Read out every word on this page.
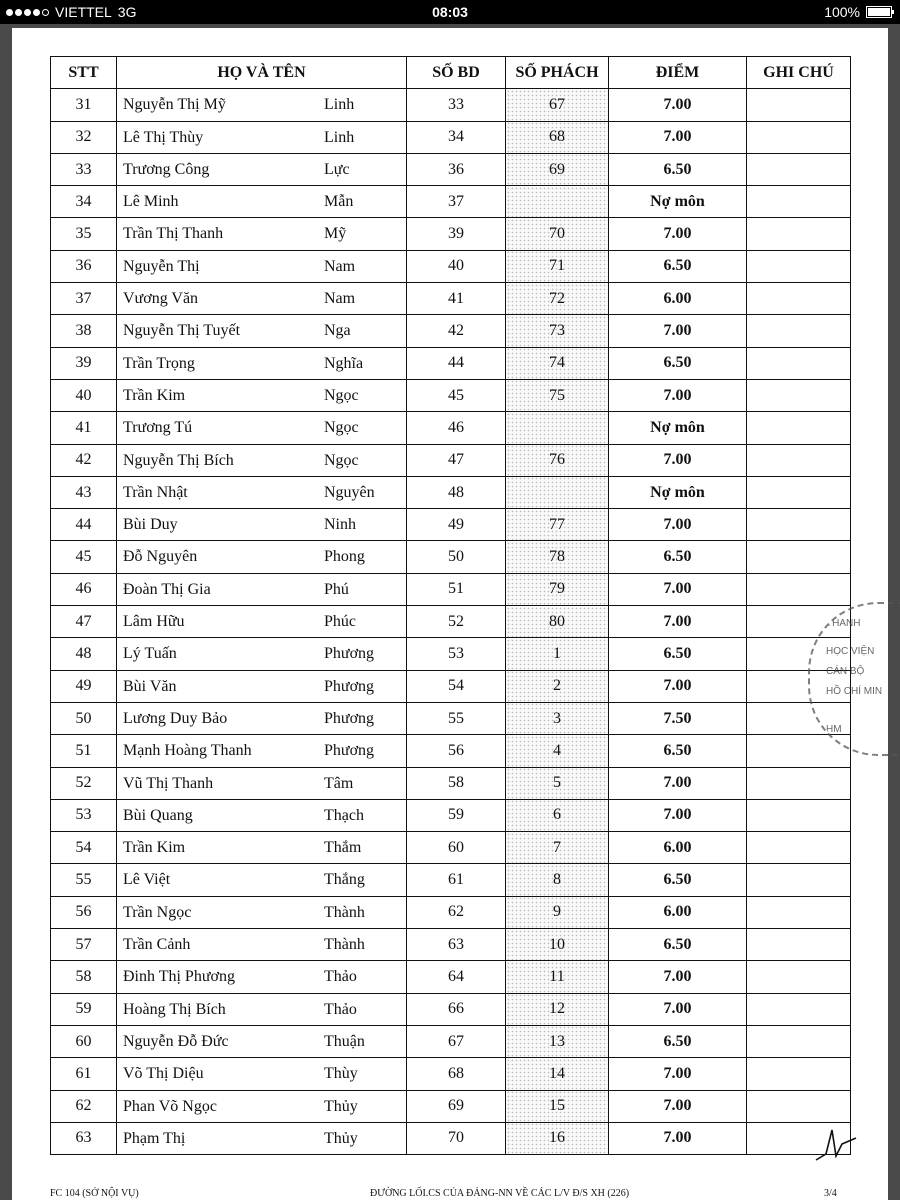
VIETTEL 3G	08:03	100%
STT	HỌ VÀ TÊN	SỐ BD	SỐ PHÁCH	ĐIỂM	GHI CHÚ
31	Nguyễn Thị Mỹ Linh	33	67	7.00	
32	Lê Thị Thùy Linh	34	68	7.00	
33	Trương Công Lực	36	69	6.50	
34	Lê Minh Mẫn	37		Nợ môn	
35	Trần Thị Thanh Mỹ	39	70	7.00	
36	Nguyễn Thị Nam	40	71	6.50	
37	Vương Văn Nam	41	72	6.00	
38	Nguyễn Thị Tuyết Nga	42	73	7.00	
39	Trần Trọng Nghĩa	44	74	6.50	
40	Trần Kim Ngọc	45	75	7.00	
41	Trương Tú Ngọc	46		Nợ môn	
42	Nguyễn Thị Bích Ngọc	47	76	7.00	
43	Trần Nhật Nguyên	48		Nợ môn	
44	Bùi Duy Ninh	49	77	7.00	
45	Đỗ Nguyên Phong	50	78	6.50	
46	Đoàn Thị Gia Phú	51	79	7.00	
47	Lâm Hữu Phúc	52	80	7.00	
48	Lý Tuấn Phương	53	1	6.50	
49	Bùi Văn Phương	54	2	7.00	
50	Lương Duy Bảo Phương	55	3	7.50	
51	Mạnh Hoàng Thanh Phương	56	4	6.50	
52	Vũ Thị Thanh Tâm	58	5	7.00	
53	Bùi Quang Thạch	59	6	7.00	
54	Trần Kim Thắm	60	7	6.00	
55	Lê Việt Thắng	61	8	6.50	
56	Trần Ngọc Thành	62	9	6.00	
57	Trần Cảnh Thành	63	10	6.50	
58	Đinh Thị Phương Thảo	64	11	7.00	
59	Hoàng Thị Bích Thảo	66	12	7.00	
60	Nguyễn Đỗ Đức Thuận	67	13	6.50	
61	Võ Thị Diệu Thùy	68	14	7.00	
62	Phan Võ Ngọc Thủy	69	15	7.00	
63	Phạm Thị Thủy	70	16	7.00	
FC 104 (SỞ NỘI VỤ)	ĐƯỜNG LỐI.CS CỦA ĐẢNG-NN VỀ CÁC L/V Đ/S XH (226)	3/4
THANH
HỌC VIỆN
CÁN BỘ
HỒ CHÍ MIN
HM
